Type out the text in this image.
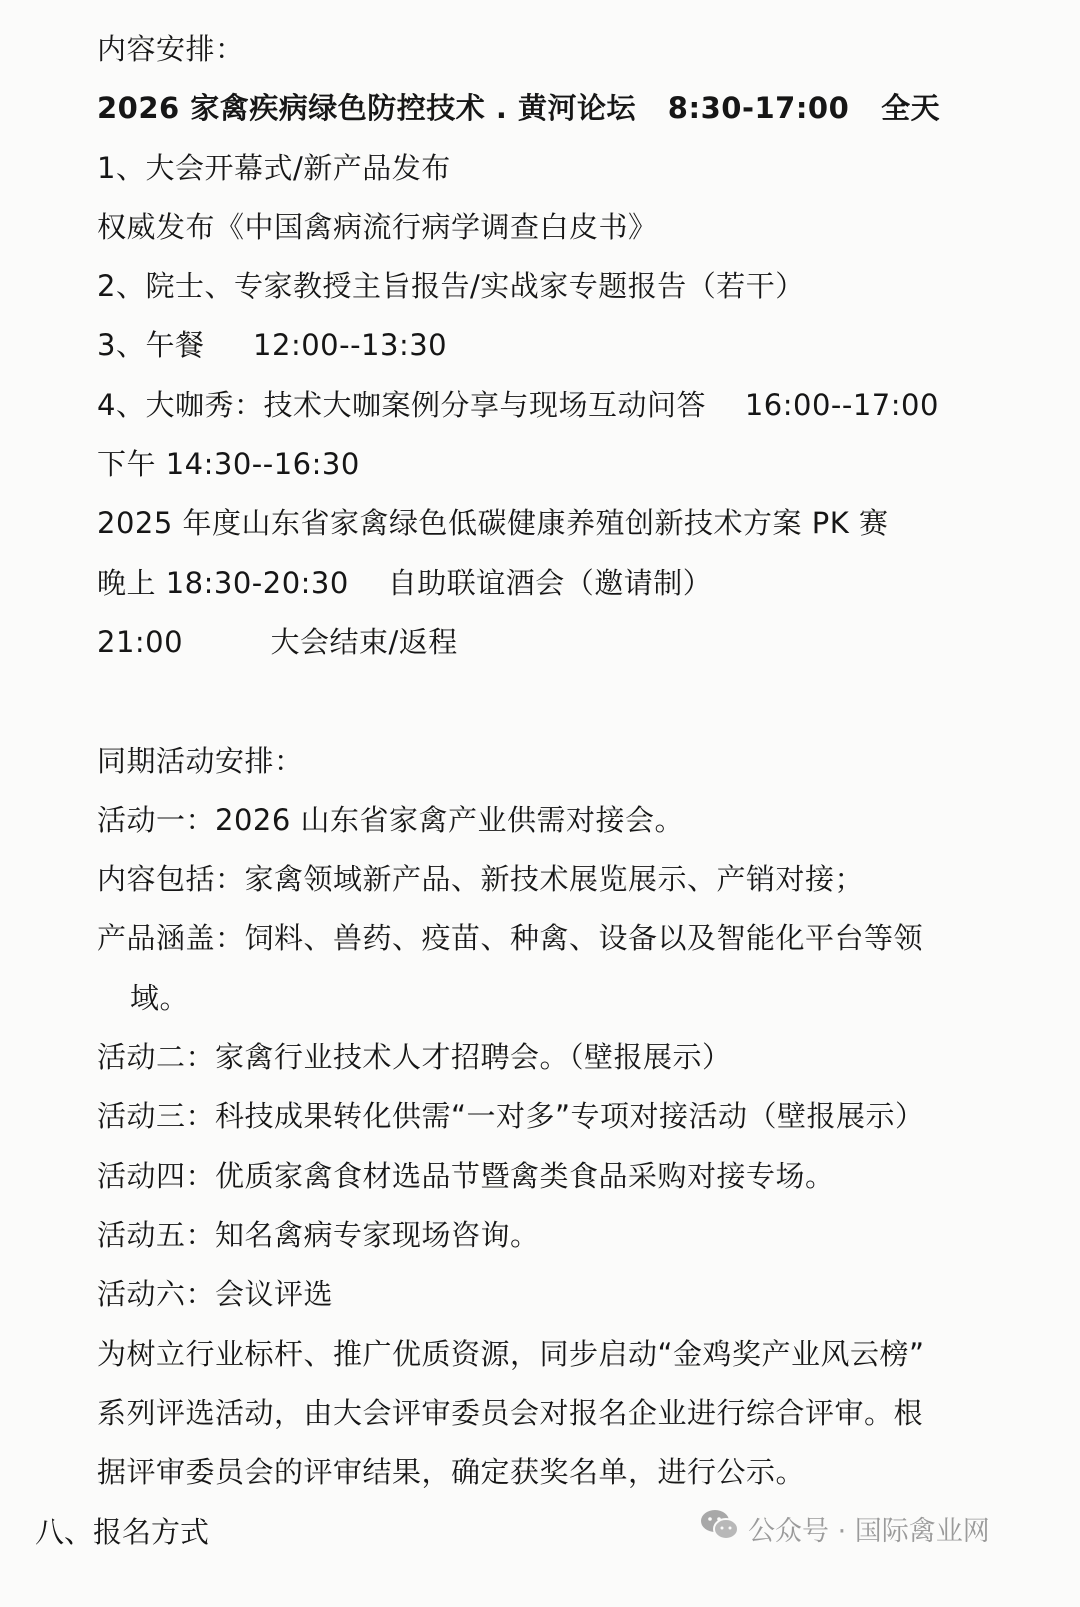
内容安排：
2026 家禽疾病绿色防控技术 . 黄河论坛   8:30-17:00   全天
1、大会开幕式/新产品发布
权威发布《中国禽病流行病学调查白皮书》
2、院士、专家教授主旨报告/实战家专题报告（若干）
3、午餐     12:00--13:30
4、大咖秀：技术大咖案例分享与现场互动问答    16:00--17:00
下午 14:30--16:30
2025 年度山东省家禽绿色低碳健康养殖创新技术方案 PK 赛
晚上 18:30-20:30    自助联谊酒会（邀请制）
21:00         大会结束/返程
同期活动安排：
活动一：2026 山东省家禽产业供需对接会。
内容包括：家禽领域新产品、新技术展览展示、产销对接；
产品涵盖：饲料、兽药、疫苗、种禽、设备以及智能化平台等领
域。
活动二：家禽行业技术人才招聘会。（壁报展示）
活动三：科技成果转化供需“一对多”专项对接活动（壁报展示）
活动四：优质家禽食材选品节暨禽类食品采购对接专场。
活动五：知名禽病专家现场咨询。
活动六：会议评选
为树立行业标杆、推广优质资源，同步启动“金鸡奖产业风云榜”
系列评选活动，由大会评审委员会对报名企业进行综合评审。根
据评审委员会的评审结果，确定获奖名单，进行公示。
八、报名方式	公众号 · 国际禽业网
